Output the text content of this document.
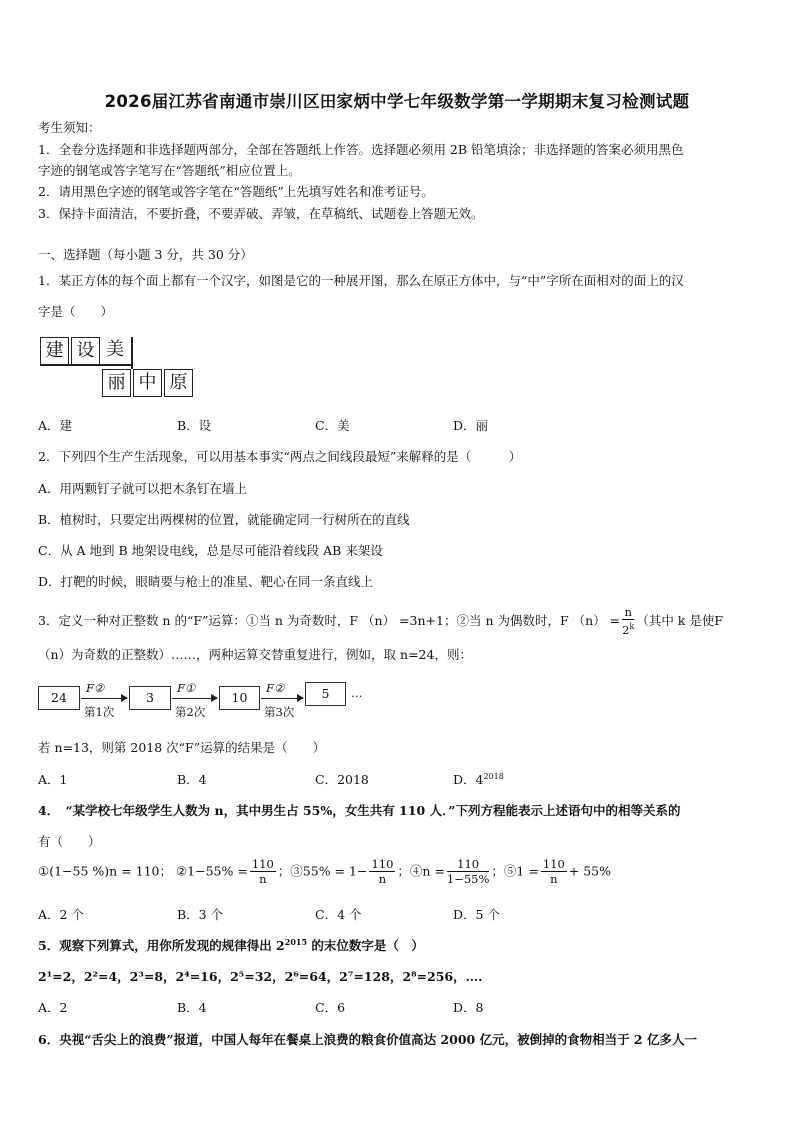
2026届江苏省南通市崇川区田家炳中学七年级数学第一学期期末复习检测试题
考生须知：
1．全卷分选择题和非选择题两部分，全部在答题纸上作答。选择题必须用 2B 铅笔填涂；非选择题的答案必须用黑色
字迹的钢笔或答字笔写在“答题纸”相应位置上。
2．请用黑色字迹的钢笔或答字笔在“答题纸”上先填写姓名和准考证号。
3．保持卡面清洁，不要折叠，不要弄破、弄皱，在草稿纸、试题卷上答题无效。
一、选择题（每小题 3 分，共 30 分）
1．某正方体的每个面上都有一个汉字，如图是它的一种展开图，那么在原正方体中，与“中”字所在面相对的面上的汉
字是（　　）
建 设 美
丽 中 原
A．建	B．设	C．美	D．丽
2．下列四个生产生活现象，可以用基本事实“两点之间线段最短”来解释的是（　　　）
A．用两颗钉子就可以把木条钉在墙上
B．植树时，只要定出两棵树的位置，就能确定同一行树所在的直线
C．从 A 地到 B 地架设电线，总是尽可能沿着线段 AB 来架设
D．打靶的时候，眼睛要与枪上的准星、靶心在同一条直线上
3．定义一种对正整数 n 的“F”运算：①当 n 为奇数时，F （n） =3n+1；②当 n 为偶数时，F $(n) = \frac{n}{2^k}$ （其中 k 是使F
（n）为奇数的正整数）……，两种运算交替重复进行，例如，取 n=24，则：
24
F②
第1次
3
F①
第2次
10
F②
第3次
5	…
若 n=13，则第 2018 次“F”运算的结果是（　　）
A．1	B．4	C．2018	D．$4^{2018}$
4．　“某学校七年级学生人数为 n，其中男生占 55%，女生共有 110 人．”下列方程能表示上述语句中的相等关系的
有（　　）
①(1−55 %)n = 110； ②1−55% = $\frac{110}{n}$ ；③55% = $1- \frac{110}{n}$ ；④n = $\frac{110}{1-55\%}$ ；⑤1 = $\frac{110}{n} + 55\%$
A．2 个	B．3 个	C．4 个	D．5 个
5．观察下列算式，用你所发现的规律得出 $2^{2015}$ 的末位数字是（　）
2¹=2，2²=4，2³=8，2⁴=16，2⁵=32，2⁶=64，2⁷=128，2⁸=256，….
A．2	B．4	C．6	D．8
6．央视“舌尖上的浪费”报道，中国人每年在餐桌上浪费的粮食价值高达 2000 亿元，被倒掉的食物相当于 2 亿多人一
